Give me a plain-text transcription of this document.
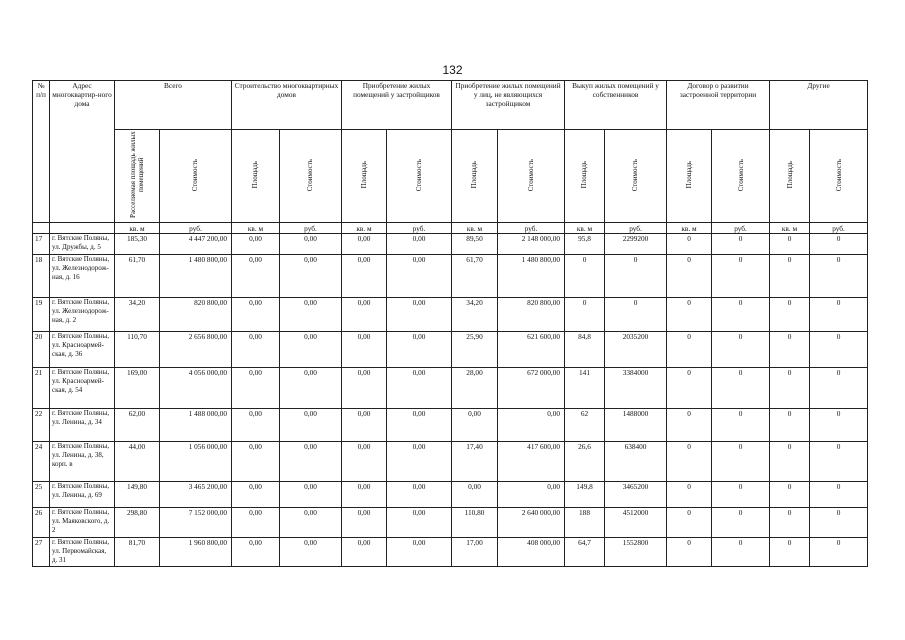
132
№ п/п	Адрес многоквартир-ного дома	Всего		Строительство многоквартирных домов		Приобретение жилых помещений у застройщиков		Приобретение жилых помещений у лиц, не являющихся застройщиком		Выкуп жилых помещений у собственников		Договор о развитии застроенной территории		Другие	
		Расселяемая площадь жилых помещений	Стоимость	Площадь	Стоимость	Площадь	Стоимость	Площадь	Стоимость	Площадь	Стоимость	Площадь	Стоимость	Площадь	Стоимость
		кв. м	руб.	кв. м	руб.	кв. м	руб.	кв. м	руб.	кв. м	руб.	кв. м	руб.	кв. м	руб.
17	г. Вятские Поляны, ул. Дружбы, д. 5	185,30	4 447 200,00	0,00	0,00	0,00	0,00	89,50	2 148 000,00	95,8	2299200	0	0	0	0
18	г. Вятские Поляны, ул. Железнодорож-ная, д. 16	61,70	1 480 800,00	0,00	0,00	0,00	0,00	61,70	1 480 800,00	0	0	0	0	0	0
19	г. Вятские Поляны, ул. Железнодорож-ная, д. 2	34,20	820 800,00	0,00	0,00	0,00	0,00	34,20	820 800,00	0	0	0	0	0	0
20	г. Вятские Поляны, ул. Красноармей-ская, д. 36	110,70	2 656 800,00	0,00	0,00	0,00	0,00	25,90	621 600,00	84,8	2035200	0	0	0	0
21	г. Вятские Поляны, ул. Красноармей-ская, д. 54	169,00	4 056 000,00	0,00	0,00	0,00	0,00	28,00	672 000,00	141	3384000	0	0	0	0
22	г. Вятские Поляны, ул. Ленина, д. 34	62,00	1 488 000,00	0,00	0,00	0,00	0,00	0,00	0,00	62	1488000	0	0	0	0
24	г. Вятские Поляны, ул. Ленина, д. 38, корп. в	44,00	1 056 000,00	0,00	0,00	0,00	0,00	17,40	417 600,00	26,6	638400	0	0	0	0
25	г. Вятские Поляны, ул. Ленина, д. 69	149,80	3 465 200,00	0,00	0,00	0,00	0,00	0,00	0,00	149,8	3465200	0	0	0	0
26	г. Вятские Поляны, ул. Маяковского, д. 2	298,80	7 152 000,00	0,00	0,00	0,00	0,00	110,80	2 640 000,00	188	4512000	0	0	0	0
27	г. Вятские Поляны, ул. Первомайская, д. 31	81,70	1 960 800,00	0,00	0,00	0,00	0,00	17,00	408 000,00	64,7	1552800	0	0	0	0
